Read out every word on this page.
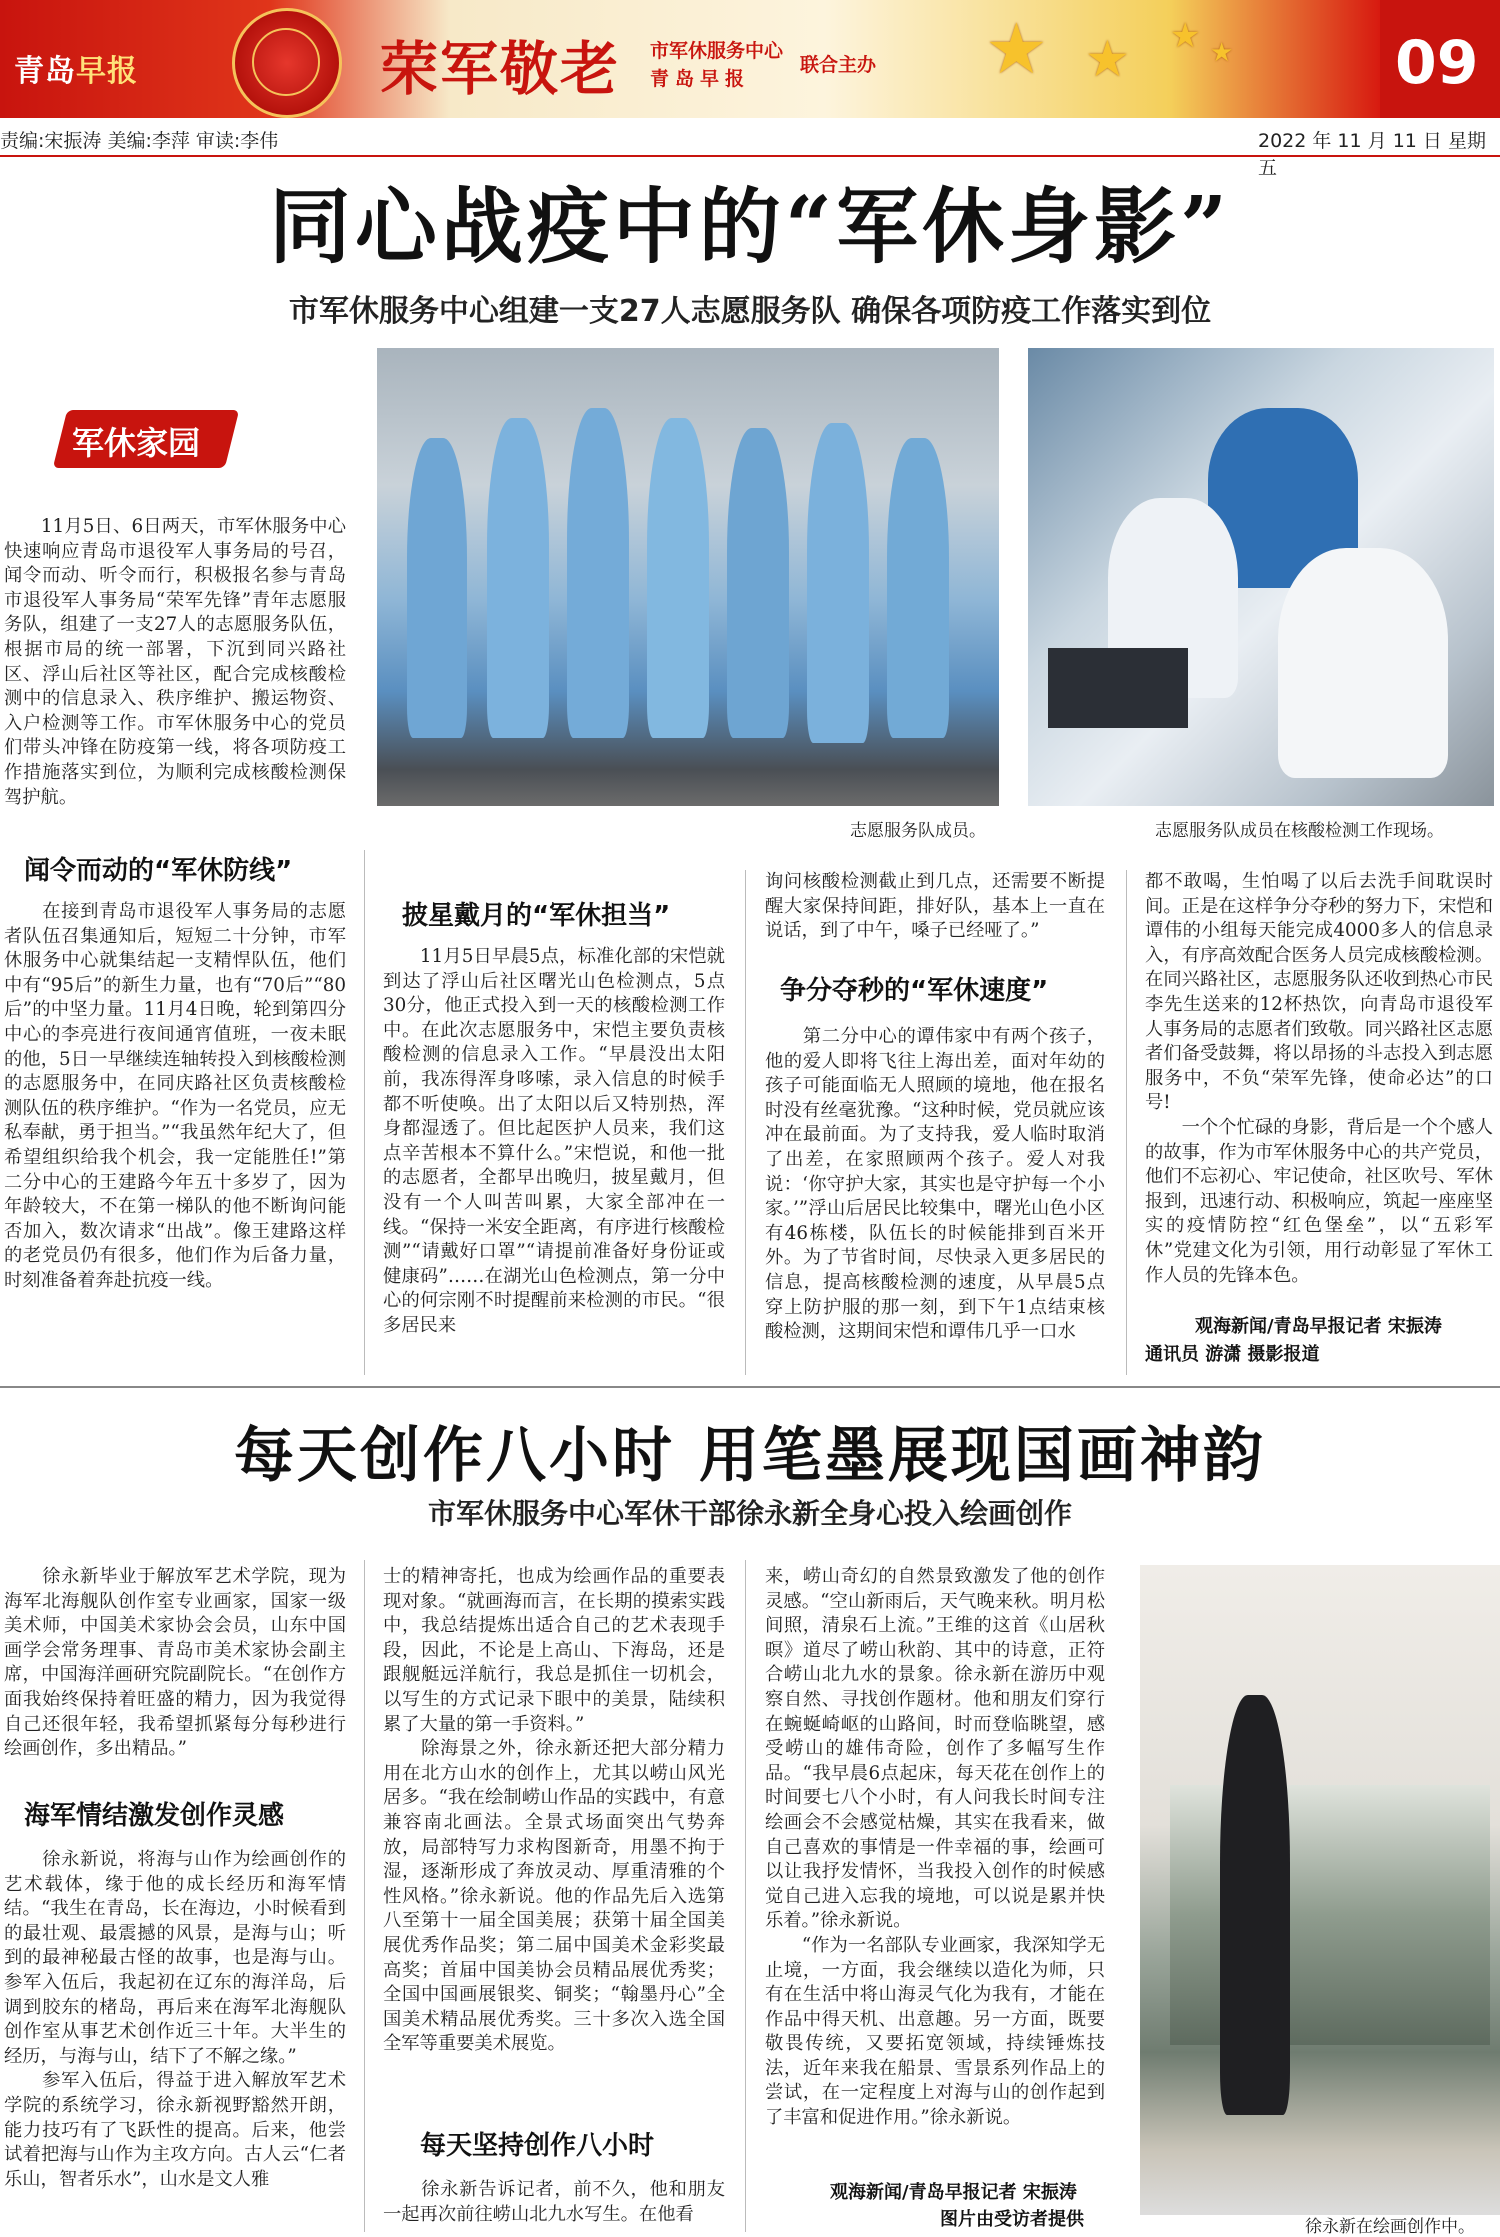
青岛早报	荣军敬老 市军休服务中心
青岛早报
联合主办 ★ ★ ★ ★	09
责编:宋振涛 美编:李萍 审读:李伟	2022 年 11 月 11 日 星期五
同心战疫中的“军休身影”
市军休服务中心组建一支27人志愿服务队 确保各项防疫工作落实到位
军休家园
志愿服务队成员。	志愿服务队成员在核酸检测工作现场。
　　11月5日、6日两天，市军休服务中心快速响应青岛市退役军人事务局的号召，闻令而动、听令而行，积极报名参与青岛市退役军人事务局“荣军先锋”青年志愿服务队，组建了一支27人的志愿服务队伍，根据市局的统一部署，下沉到同兴路社区、浮山后社区等社区，配合完成核酸检测中的信息录入、秩序维护、搬运物资、入户检测等工作。市军休服务中心的党员们带头冲锋在防疫第一线，将各项防疫工作措施落实到位，为顺利完成核酸检测保驾护航。
闻令而动的“军休防线”
　　在接到青岛市退役军人事务局的志愿者队伍召集通知后，短短二十分钟，市军休服务中心就集结起一支精悍队伍，他们中有“95后”的新生力量，也有“70后”“80后”的中坚力量。11月4日晚，轮到第四分中心的李亮进行夜间通宵值班，一夜未眠的他，5日一早继续连轴转投入到核酸检测的志愿服务中，在同庆路社区负责核酸检测队伍的秩序维护。“作为一名党员，应无私奉献，勇于担当。”“我虽然年纪大了，但希望组织给我个机会，我一定能胜任!”第二分中心的王建路今年五十多岁了，因为年龄较大，不在第一梯队的他不断询问能否加入，数次请求“出战”。像王建路这样的老党员仍有很多，他们作为后备力量，时刻准备着奔赴抗疫一线。
披星戴月的“军休担当”
　　11月5日早晨5点，标准化部的宋恺就到达了浮山后社区曙光山色检测点，5点30分，他正式投入到一天的核酸检测工作中。在此次志愿服务中，宋恺主要负责核酸检测的信息录入工作。“早晨没出太阳前，我冻得浑身哆嗦，录入信息的时候手都不听使唤。出了太阳以后又特别热，浑身都湿透了。但比起医护人员来，我们这点辛苦根本不算什么。”宋恺说，和他一批的志愿者，全都早出晚归，披星戴月，但没有一个人叫苦叫累，大家全部冲在一线。“保持一米安全距离，有序进行核酸检测”“请戴好口罩”“请提前准备好身份证或健康码”……在湖光山色检测点，第一分中心的何宗刚不时提醒前来检测的市民。“很多居民来
询问核酸检测截止到几点，还需要不断提醒大家保持间距，排好队，基本上一直在说话，到了中午，嗓子已经哑了。”
争分夺秒的“军休速度”
　　第二分中心的谭伟家中有两个孩子，他的爱人即将飞往上海出差，面对年幼的孩子可能面临无人照顾的境地，他在报名时没有丝毫犹豫。“这种时候，党员就应该冲在最前面。为了支持我，爱人临时取消了出差，在家照顾两个孩子。爱人对我说：‘你守护大家，其实也是守护每一个小家。’”浮山后居民比较集中，曙光山色小区有46栋楼，队伍长的时候能排到百米开外。为了节省时间，尽快录入更多居民的信息，提高核酸检测的速度，从早晨5点穿上防护服的那一刻，到下午1点结束核酸检测，这期间宋恺和谭伟几乎一口水
都不敢喝，生怕喝了以后去洗手间耽误时间。正是在这样争分夺秒的努力下，宋恺和谭伟的小组每天能完成4000多人的信息录入，有序高效配合医务人员完成核酸检测。在同兴路社区，志愿服务队还收到热心市民李先生送来的12杯热饮，向青岛市退役军人事务局的志愿者们致敬。同兴路社区志愿者们备受鼓舞，将以昂扬的斗志投入到志愿服务中，不负“荣军先锋，使命必达”的口号!
　　一个个忙碌的身影，背后是一个个感人的故事，作为市军休服务中心的共产党员，他们不忘初心、牢记使命，社区吹号、军休报到，迅速行动、积极响应，筑起一座座坚实的疫情防控“红色堡垒”，以“五彩军休”党建文化为引领，用行动彰显了军休工作人员的先锋本色。
观海新闻/青岛早报记者 宋振涛
通讯员 游潇 摄影报道
每天创作八小时 用笔墨展现国画神韵
市军休服务中心军休干部徐永新全身心投入绘画创作
　　徐永新毕业于解放军艺术学院，现为海军北海舰队创作室专业画家，国家一级美术师，中国美术家协会会员，山东中国画学会常务理事、青岛市美术家协会副主席，中国海洋画研究院副院长。“在创作方面我始终保持着旺盛的精力，因为我觉得自己还很年轻，我希望抓紧每分每秒进行绘画创作，多出精品。”
海军情结激发创作灵感
　　徐永新说，将海与山作为绘画创作的艺术载体，缘于他的成长经历和海军情结。“我生在青岛，长在海边，小时候看到的最壮观、最震撼的风景，是海与山；听到的最神秘最古怪的故事，也是海与山。参军入伍后，我起初在辽东的海洋岛，后调到胶东的楮岛，再后来在海军北海舰队创作室从事艺术创作近三十年。大半生的经历，与海与山，结下了不解之缘。”
　　参军入伍后，得益于进入解放军艺术学院的系统学习，徐永新视野豁然开朗，能力技巧有了飞跃性的提高。后来，他尝试着把海与山作为主攻方向。古人云“仁者乐山，智者乐水”，山水是文人雅
士的精神寄托，也成为绘画作品的重要表现对象。“就画海而言，在长期的摸索实践中，我总结提炼出适合自己的艺术表现手段，因此，不论是上高山、下海岛，还是跟舰艇远洋航行，我总是抓住一切机会，以写生的方式记录下眼中的美景，陆续积累了大量的第一手资料。”
　　除海景之外，徐永新还把大部分精力用在北方山水的创作上，尤其以崂山风光居多。“我在绘制崂山作品的实践中，有意兼容南北画法。全景式场面突出气势奔放，局部特写力求构图新奇，用墨不拘于湿，逐渐形成了奔放灵动、厚重清雅的个性风格。”徐永新说。他的作品先后入选第八至第十一届全国美展；获第十届全国美展优秀作品奖；第二届中国美术金彩奖最高奖；首届中国美协会员精品展优秀奖；全国中国画展银奖、铜奖；“翰墨丹心”全国美术精品展优秀奖。三十多次入选全国全军等重要美术展览。
每天坚持创作八小时
　　徐永新告诉记者，前不久，他和朋友一起再次前往崂山北九水写生。在他看
来，崂山奇幻的自然景致激发了他的创作灵感。“空山新雨后，天气晚来秋。明月松间照，清泉石上流。”王维的这首《山居秋暝》道尽了崂山秋韵、其中的诗意，正符合崂山北九水的景象。徐永新在游历中观察自然、寻找创作题材。他和朋友们穿行在蜿蜒崎岖的山路间，时而登临眺望，感受崂山的雄伟奇险，创作了多幅写生作品。“我早晨6点起床，每天花在创作上的时间要七八个小时，有人问我长时间专注绘画会不会感觉枯燥，其实在我看来，做自己喜欢的事情是一件幸福的事，绘画可以让我抒发情怀，当我投入创作的时候感觉自己进入忘我的境地，可以说是累并快乐着。”徐永新说。
　　“作为一名部队专业画家，我深知学无止境，一方面，我会继续以造化为师，只有在生活中将山海灵气化为我有，才能在作品中得天机、出意趣。另一方面，既要敬畏传统，又要拓宽领域，持续锤炼技法，近年来我在船景、雪景系列作品上的尝试，在一定程度上对海与山的创作起到了丰富和促进作用。”徐永新说。
观海新闻/青岛早报记者 宋振涛
图片由受访者提供	徐永新在绘画创作中。
